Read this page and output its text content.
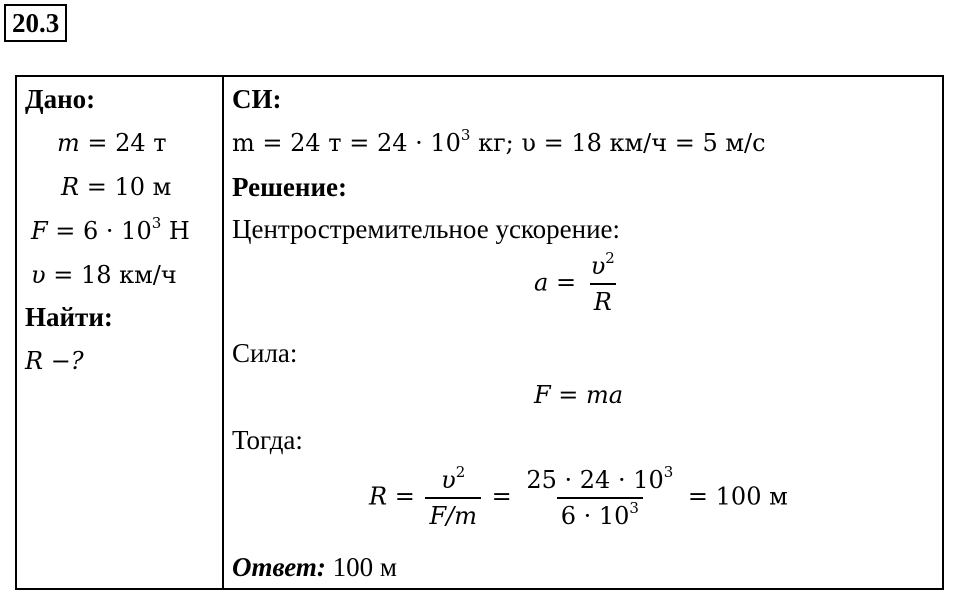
20.3
Дано:
m = 24 т
R = 10 м
$F = 6 \cdot 10^3$ Н
υ = 18 км/ч
Найти:
R −?
СИ:
m = 24 $т = 24 \cdot 10^3$ кг; υ = 18 км/ч = 5 м/с
Решение:
Центростремительное ускорение:
$a = \frac{\upsilon^2}{R}$
Сила:
F = ma
Тогда:
$R = \frac{\upsilon^2}{F/m} = \frac{25 \cdot 24 \cdot 10^3}{6 \cdot 10^3} = 100$ м
Ответ: 100 м
